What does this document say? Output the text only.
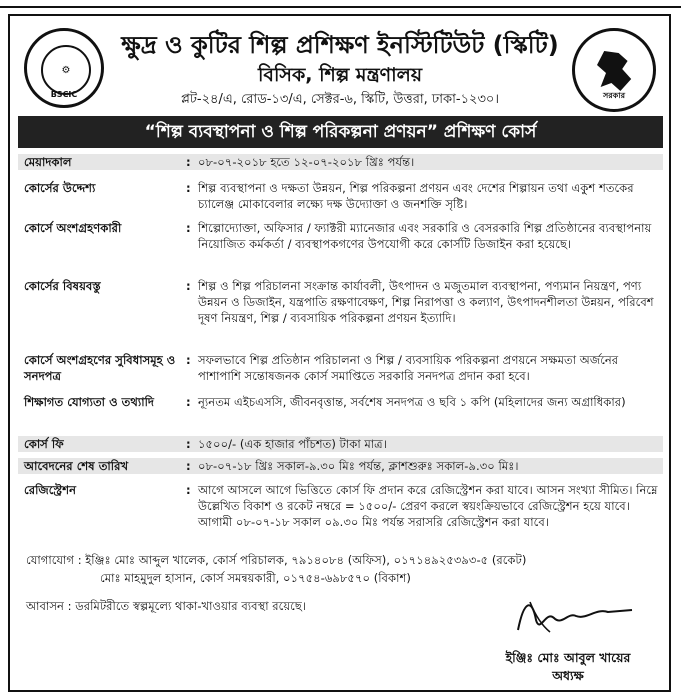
⚙
BSCIC
ক্ষুদ্র ও কুটির শিল্প প্রশিক্ষণ ইনস্টিটিউট (স্কিটি)
বিসিক, শিল্প মন্ত্রণালয়
প্লট-২৪/এ, রোড-১৩/এ, সেক্টর-৬, স্কিটি, উত্তরা, ঢাকা-১২৩০।	সরকার
“শিল্প ব্যবস্থাপনা ও শিল্প পরিকল্পনা প্রণয়ন” প্রশিক্ষণ কোর্স
মেয়াদকাল	: ০৮-০৭-২০১৮ হতে ১২-০৭-২০১৮ খ্রিঃ পর্যন্ত।
কোর্সের উদ্দেশ্য	: শিল্প ব্যবস্থাপনা ও দক্ষতা উন্নয়ন, শিল্প পরিকল্পনা প্রণয়ন এবং দেশের শিল্পায়ন তথা একুশ শতকের চ্যালেঞ্জ মোকাবেলার লক্ষ্যে দক্ষ উদ্যোক্তা ও জনশক্তি সৃষ্টি।
কোর্সে অংশগ্রহণকারী	: শিল্পোদ্যোক্তা, অফিসার / ফ্যাক্টরী ম্যানেজার এবং সরকারি ও বেসরকারি শিল্প প্রতিষ্ঠানের ব্যবস্থাপনায় নিয়োজিত কর্মকর্তা / ব্যবস্থাপকগণের উপযোগী করে কোর্সটি ডিজাইন করা হয়েছে।
কোর্সের বিষয়বস্তু	: শিল্প ও শিল্প পরিচালনা সংক্রান্ত কার্যাবলী, উৎপাদন ও মজুতমাল ব্যবস্থাপনা, পণ্যমান নিয়ন্ত্রণ, পণ্য উন্নয়ন ও ডিজাইন, যন্ত্রপাতি রক্ষণাবেক্ষণ, শিল্প নিরাপত্তা ও কল্যাণ, উৎপাদনশীলতা উন্নয়ন, পরিবেশ দূষণ নিয়ন্ত্রণ, শিল্প / ব্যবসায়িক পরিকল্পনা প্রণয়ন ইত্যাদি।
কোর্সে অংশগ্রহণের সুবিধাসমূহ ও সনদপত্র
: সফলভাবে শিল্প প্রতিষ্ঠান পরিচালনা ও শিল্প / ব্যবসায়িক পরিকল্পনা প্রণয়নে সক্ষমতা অর্জনের পাশাপাশি সন্তোষজনক কোর্স সমাপ্তিতে সরকারি সনদপত্র প্রদান করা হবে।
শিক্ষাগত যোগ্যতা ও তথ্যাদি	: ন্যূনতম এইচএসসি, জীবনবৃত্তান্ত, সর্বশেষ সনদপত্র ও ছবি ১ কপি (মহিলাদের জন্য অগ্রাধিকার)
কোর্স ফি	: ১৫০০/- (এক হাজার পাঁচশত) টাকা মাত্র।
আবেদনের শেষ তারিখ	: ০৮-০৭-১৮ খ্রিঃ সকাল-৯.৩০ মিঃ পর্যন্ত, ক্লাশশুরুঃ সকাল-৯.৩০ মিঃ।
রেজিস্ট্রেশন	: আগে আসলে আগে ভিত্তিতে কোর্স ফি প্রদান করে রেজিস্ট্রেশন করা যাবে। আসন সংখ্যা সীমিত। নিম্নে উল্লেখিত বিকাশ ও রকেট নম্বরে = ১৫০০/- প্রেরণ করলে স্বয়ংক্রিয়ভাবে রেজিস্ট্রেশন হয়ে যাবে। আগামী ০৮-০৭-১৮ সকাল ০৯.৩০ মিঃ পর্যন্ত সরাসরি রেজিস্ট্রেশন করা যাবে।
যোগাযোগ : ইঞ্জিঃ মোঃ আব্দুল খালেক, কোর্স পরিচালক, ৭৯১৪০৮৪ (অফিস), ০১৭১৪৯২৫৩৯৩-৫ (রকেট)
মোঃ মাহমুদুল হাসান, কোর্স সমন্বয়কারী, ০১৭৫৪-৬৯৮৫৭০ (বিকাশ)
আবাসন : ডরমিটরীতে স্বল্পমূল্যে থাকা-খাওয়ার ব্যবস্থা রয়েছে।
ইঞ্জিঃ মোঃ আবুল খায়ের
অধ্যক্ষ
